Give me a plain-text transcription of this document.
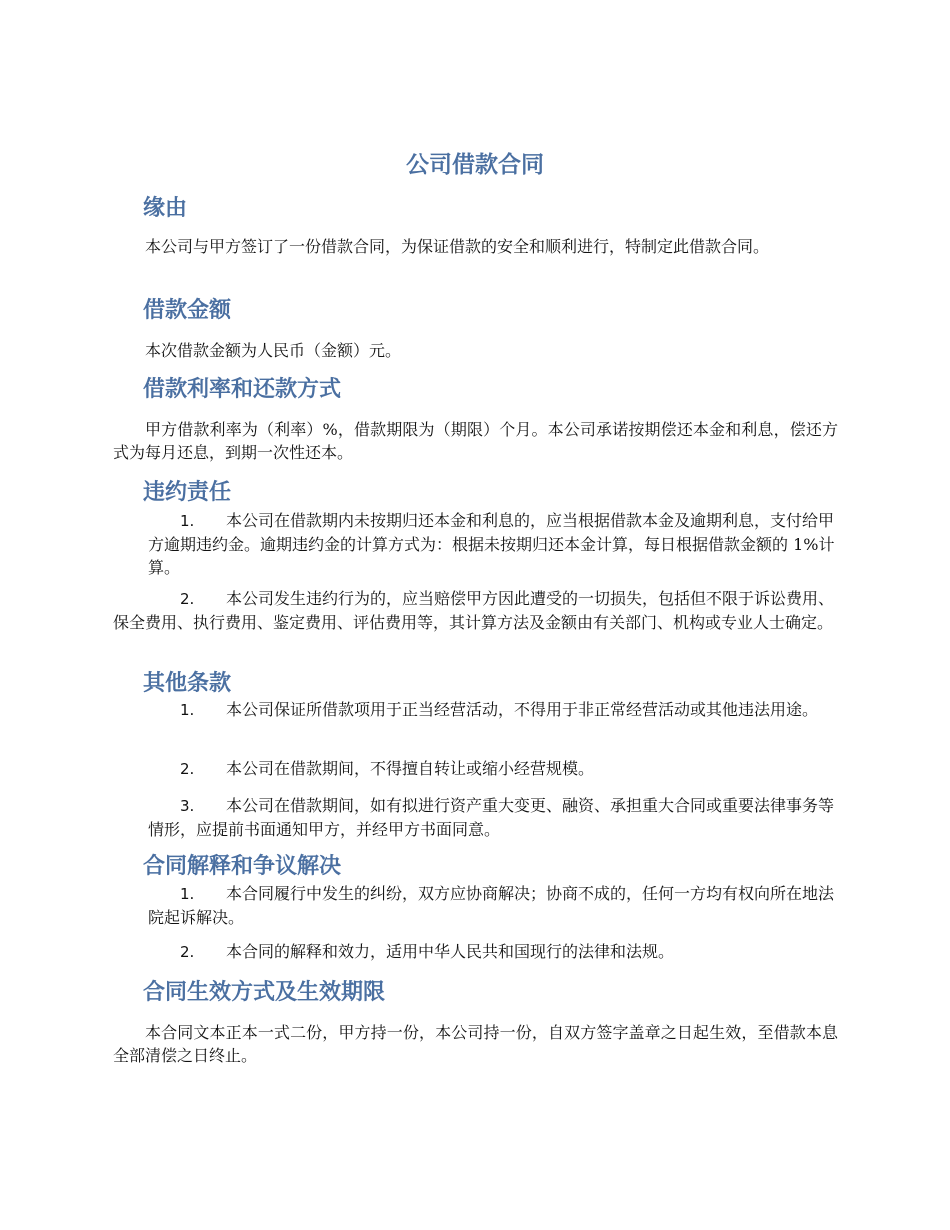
公司借款合同
缘由
本公司与甲方签订了一份借款合同，为保证借款的安全和顺利进行，特制定此借款合同。
借款金额
本次借款金额为人民币（金额）元。
借款利率和还款方式
甲方借款利率为（利率）%，借款期限为（期限）个月。本公司承诺按期偿还本金和利息，偿还方式为每月还息，到期一次性还本。
违约责任
1. 本公司在借款期内未按期归还本金和利息的，应当根据借款本金及逾期利息，支付给甲方逾期违约金。逾期违约金的计算方式为：根据未按期归还本金计算，每日根据借款金额的 1%计算。
2. 本公司发生违约行为的，应当赔偿甲方因此遭受的一切损失，包括但不限于诉讼费用、保全费用、执行费用、鉴定费用、评估费用等，其计算方法及金额由有关部门、机构或专业人士确定。
其他条款
1. 本公司保证所借款项用于正当经营活动，不得用于非正常经营活动或其他违法用途。
2. 本公司在借款期间，不得擅自转让或缩小经营规模。
3. 本公司在借款期间，如有拟进行资产重大变更、融资、承担重大合同或重要法律事务等情形，应提前书面通知甲方，并经甲方书面同意。
合同解释和争议解决
1. 本合同履行中发生的纠纷，双方应协商解决；协商不成的，任何一方均有权向所在地法院起诉解决。
2. 本合同的解释和效力，适用中华人民共和国现行的法律和法规。
合同生效方式及生效期限
本合同文本正本一式二份，甲方持一份，本公司持一份，自双方签字盖章之日起生效，至借款本息全部清偿之日终止。
